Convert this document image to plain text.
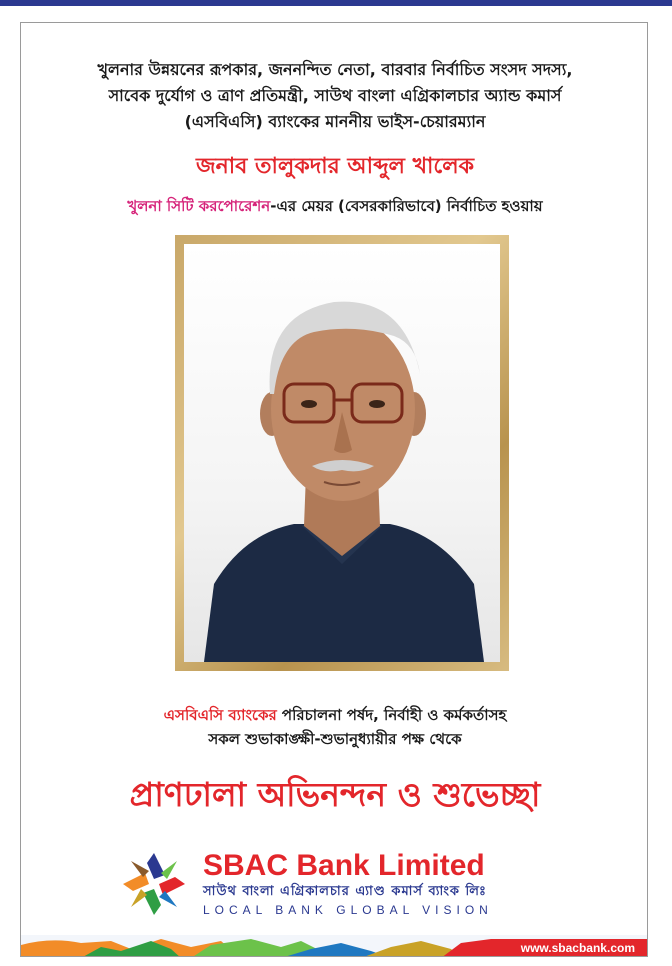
খুলনার উন্নয়নের রূপকার, জননন্দিত নেতা, বারবার নির্বাচিত সংসদ সদস্য,
সাবেক দুর্যোগ ও ত্রাণ প্রতিমন্ত্রী, সাউথ বাংলা এগ্রিকালচার অ্যান্ড কমার্স
(এসবিএসি) ব্যাংকের মাননীয় ভাইস-চেয়ারম্যান
জনাব তালুকদার আব্দুল খালেক
খুলনা সিটি করপোরেশন-এর মেয়র (বেসরকারিভাবে) নির্বাচিত হওয়ায়
এসবিএসি ব্যাংকের পরিচালনা পর্ষদ, নির্বাহী ও কর্মকর্তাসহ
সকল শুভাকাঙ্ক্ষী-শুভানুধ্যায়ীর পক্ষ থেকে
প্রাণঢালা অভিনন্দন ও শুভেচ্ছা
SBAC Bank Limited
সাউথ বাংলা এগ্রিকালচার এ্যাণ্ড কমার্স ব্যাংক লিঃ
LOCAL BANK GLOBAL VISION
www.sbacbank.com
